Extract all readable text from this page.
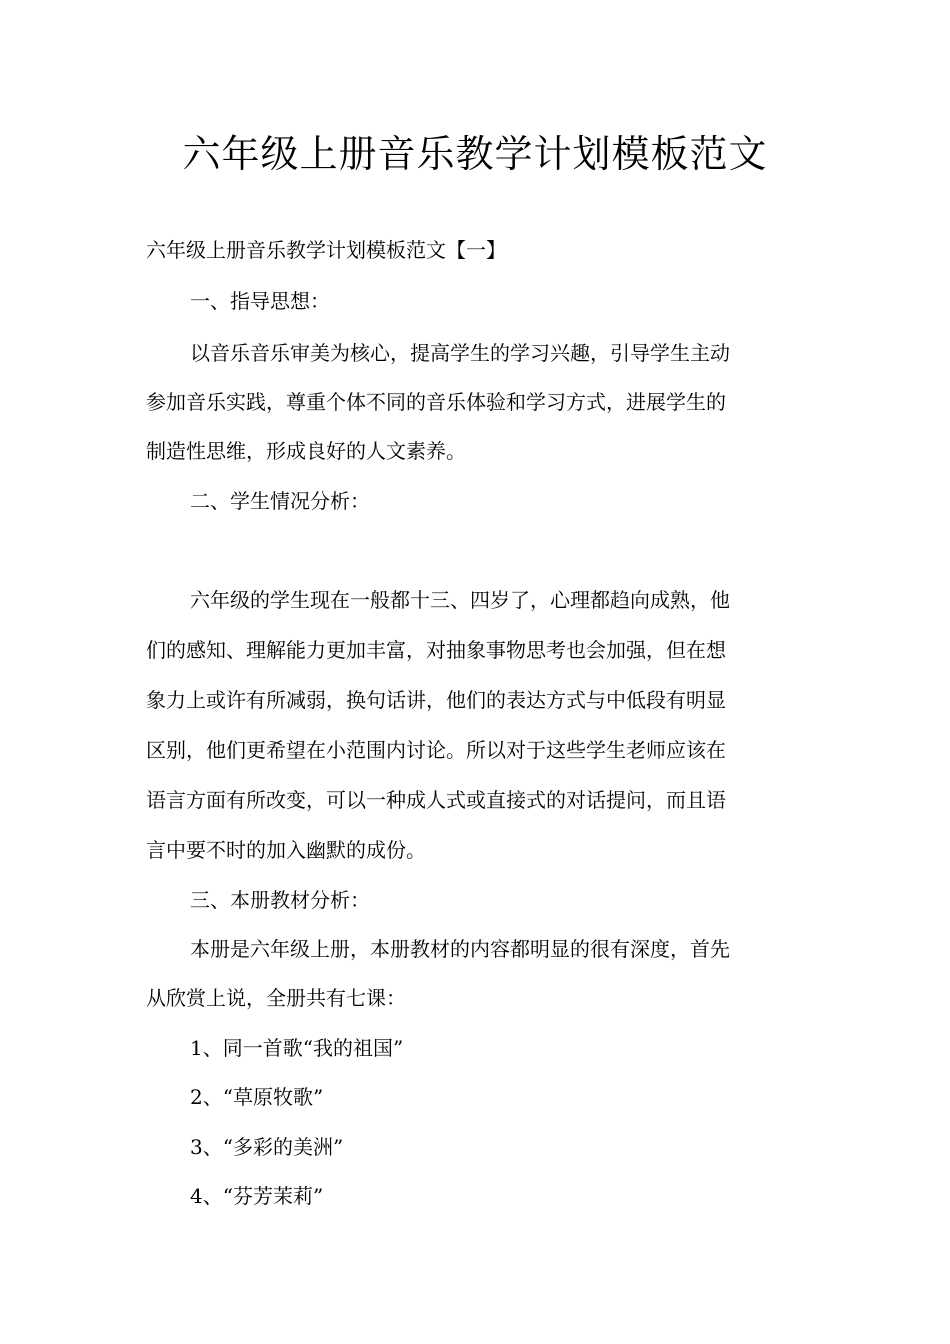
六年级上册音乐教学计划模板范文
六年级上册音乐教学计划模板范文【一】
一、指导思想：
以音乐音乐审美为核心，提高学生的学习兴趣，引导学生主动
参加音乐实践，尊重个体不同的音乐体验和学习方式，进展学生的
制造性思维，形成良好的人文素养。
二、学生情况分析：
六年级的学生现在一般都十三、四岁了，心理都趋向成熟，他
们的感知、理解能力更加丰富，对抽象事物思考也会加强，但在想
象力上或许有所减弱，换句话讲，他们的表达方式与中低段有明显
区别，他们更希望在小范围内讨论。所以对于这些学生老师应该在
语言方面有所改变，可以一种成人式或直接式的对话提问，而且语
言中要不时的加入幽默的成份。
三、本册教材分析：
本册是六年级上册，本册教材的内容都明显的很有深度，首先
从欣赏上说，全册共有七课：
1、同一首歌“我的祖国”
2、“草原牧歌”
3、“多彩的美洲”
4、“芬芳茉莉”
